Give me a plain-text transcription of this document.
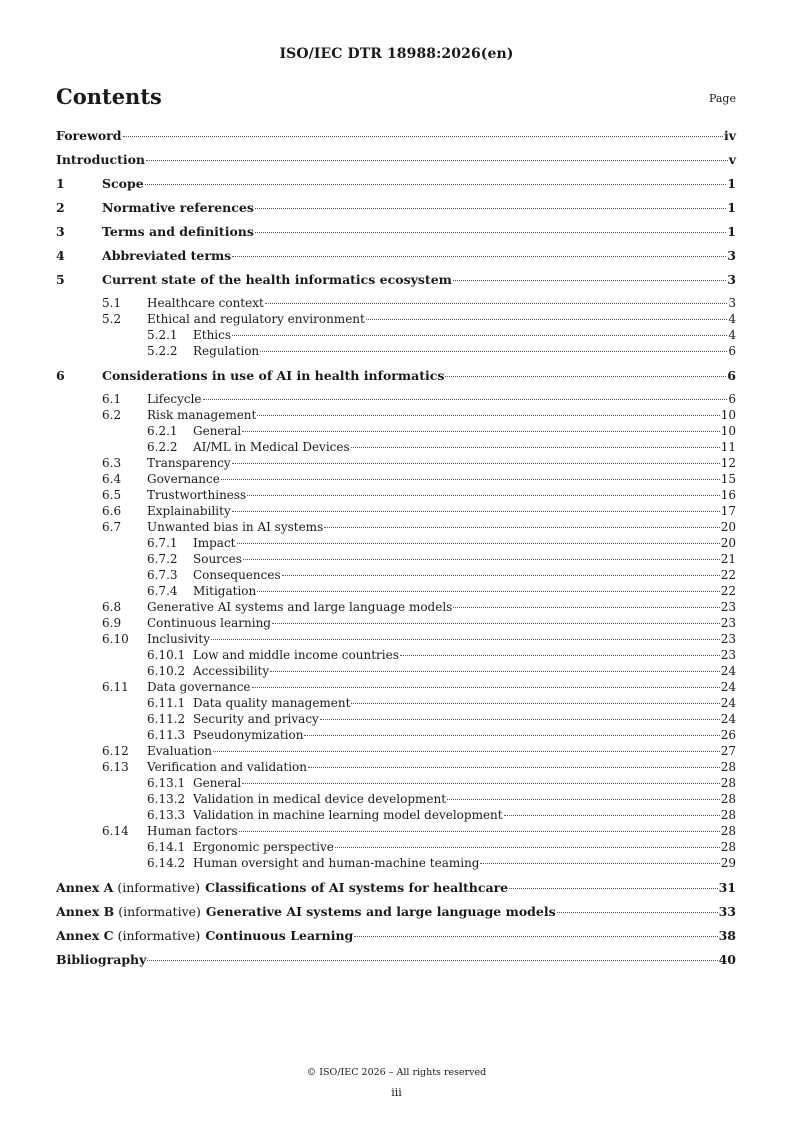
ISO/IEC DTR 18988:2026(en)
Contents	Page
Foreword	iv
Introduction	v
1	Scope	1
2	Normative references	1
3	Terms and definitions	1
4	Abbreviated terms	3
5	Current state of the health informatics ecosystem	3
5.1	Healthcare context	3
5.2	Ethical and regulatory environment	4
5.2.1	Ethics	4
5.2.2	Regulation	6
6	Considerations in use of AI in health informatics	6
6.1	Lifecycle	6
6.2	Risk management	10
6.2.1	General	10
6.2.2	AI/ML in Medical Devices	11
6.3	Transparency	12
6.4	Governance	15
6.5	Trustworthiness	16
6.6	Explainability	17
6.7	Unwanted bias in AI systems	20
6.7.1	Impact	20
6.7.2	Sources	21
6.7.3	Consequences	22
6.7.4	Mitigation	22
6.8	Generative AI systems and large language models	23
6.9	Continuous learning	23
6.10	Inclusivity	23
6.10.1 Low and middle income countries	23
6.10.2 Accessibility	24
6.11	Data governance	24
6.11.1 Data quality management	24
6.11.2 Security and privacy	24
6.11.3 Pseudonymization	26
6.12	Evaluation	27
6.13	Verification and validation	28
6.13.1 General	28
6.13.2 Validation in medical device development	28
6.13.3 Validation in machine learning model development	28
6.14	Human factors	28
6.14.1 Ergonomic perspective	28
6.14.2 Human oversight and human-machine teaming	29
Annex A (informative) Classifications of AI systems for healthcare	31
Annex B (informative) Generative AI systems and large language models	33
Annex C (informative) Continuous Learning	38
Bibliography	40
© ISO/IEC 2026 – All rights reserved
iii
